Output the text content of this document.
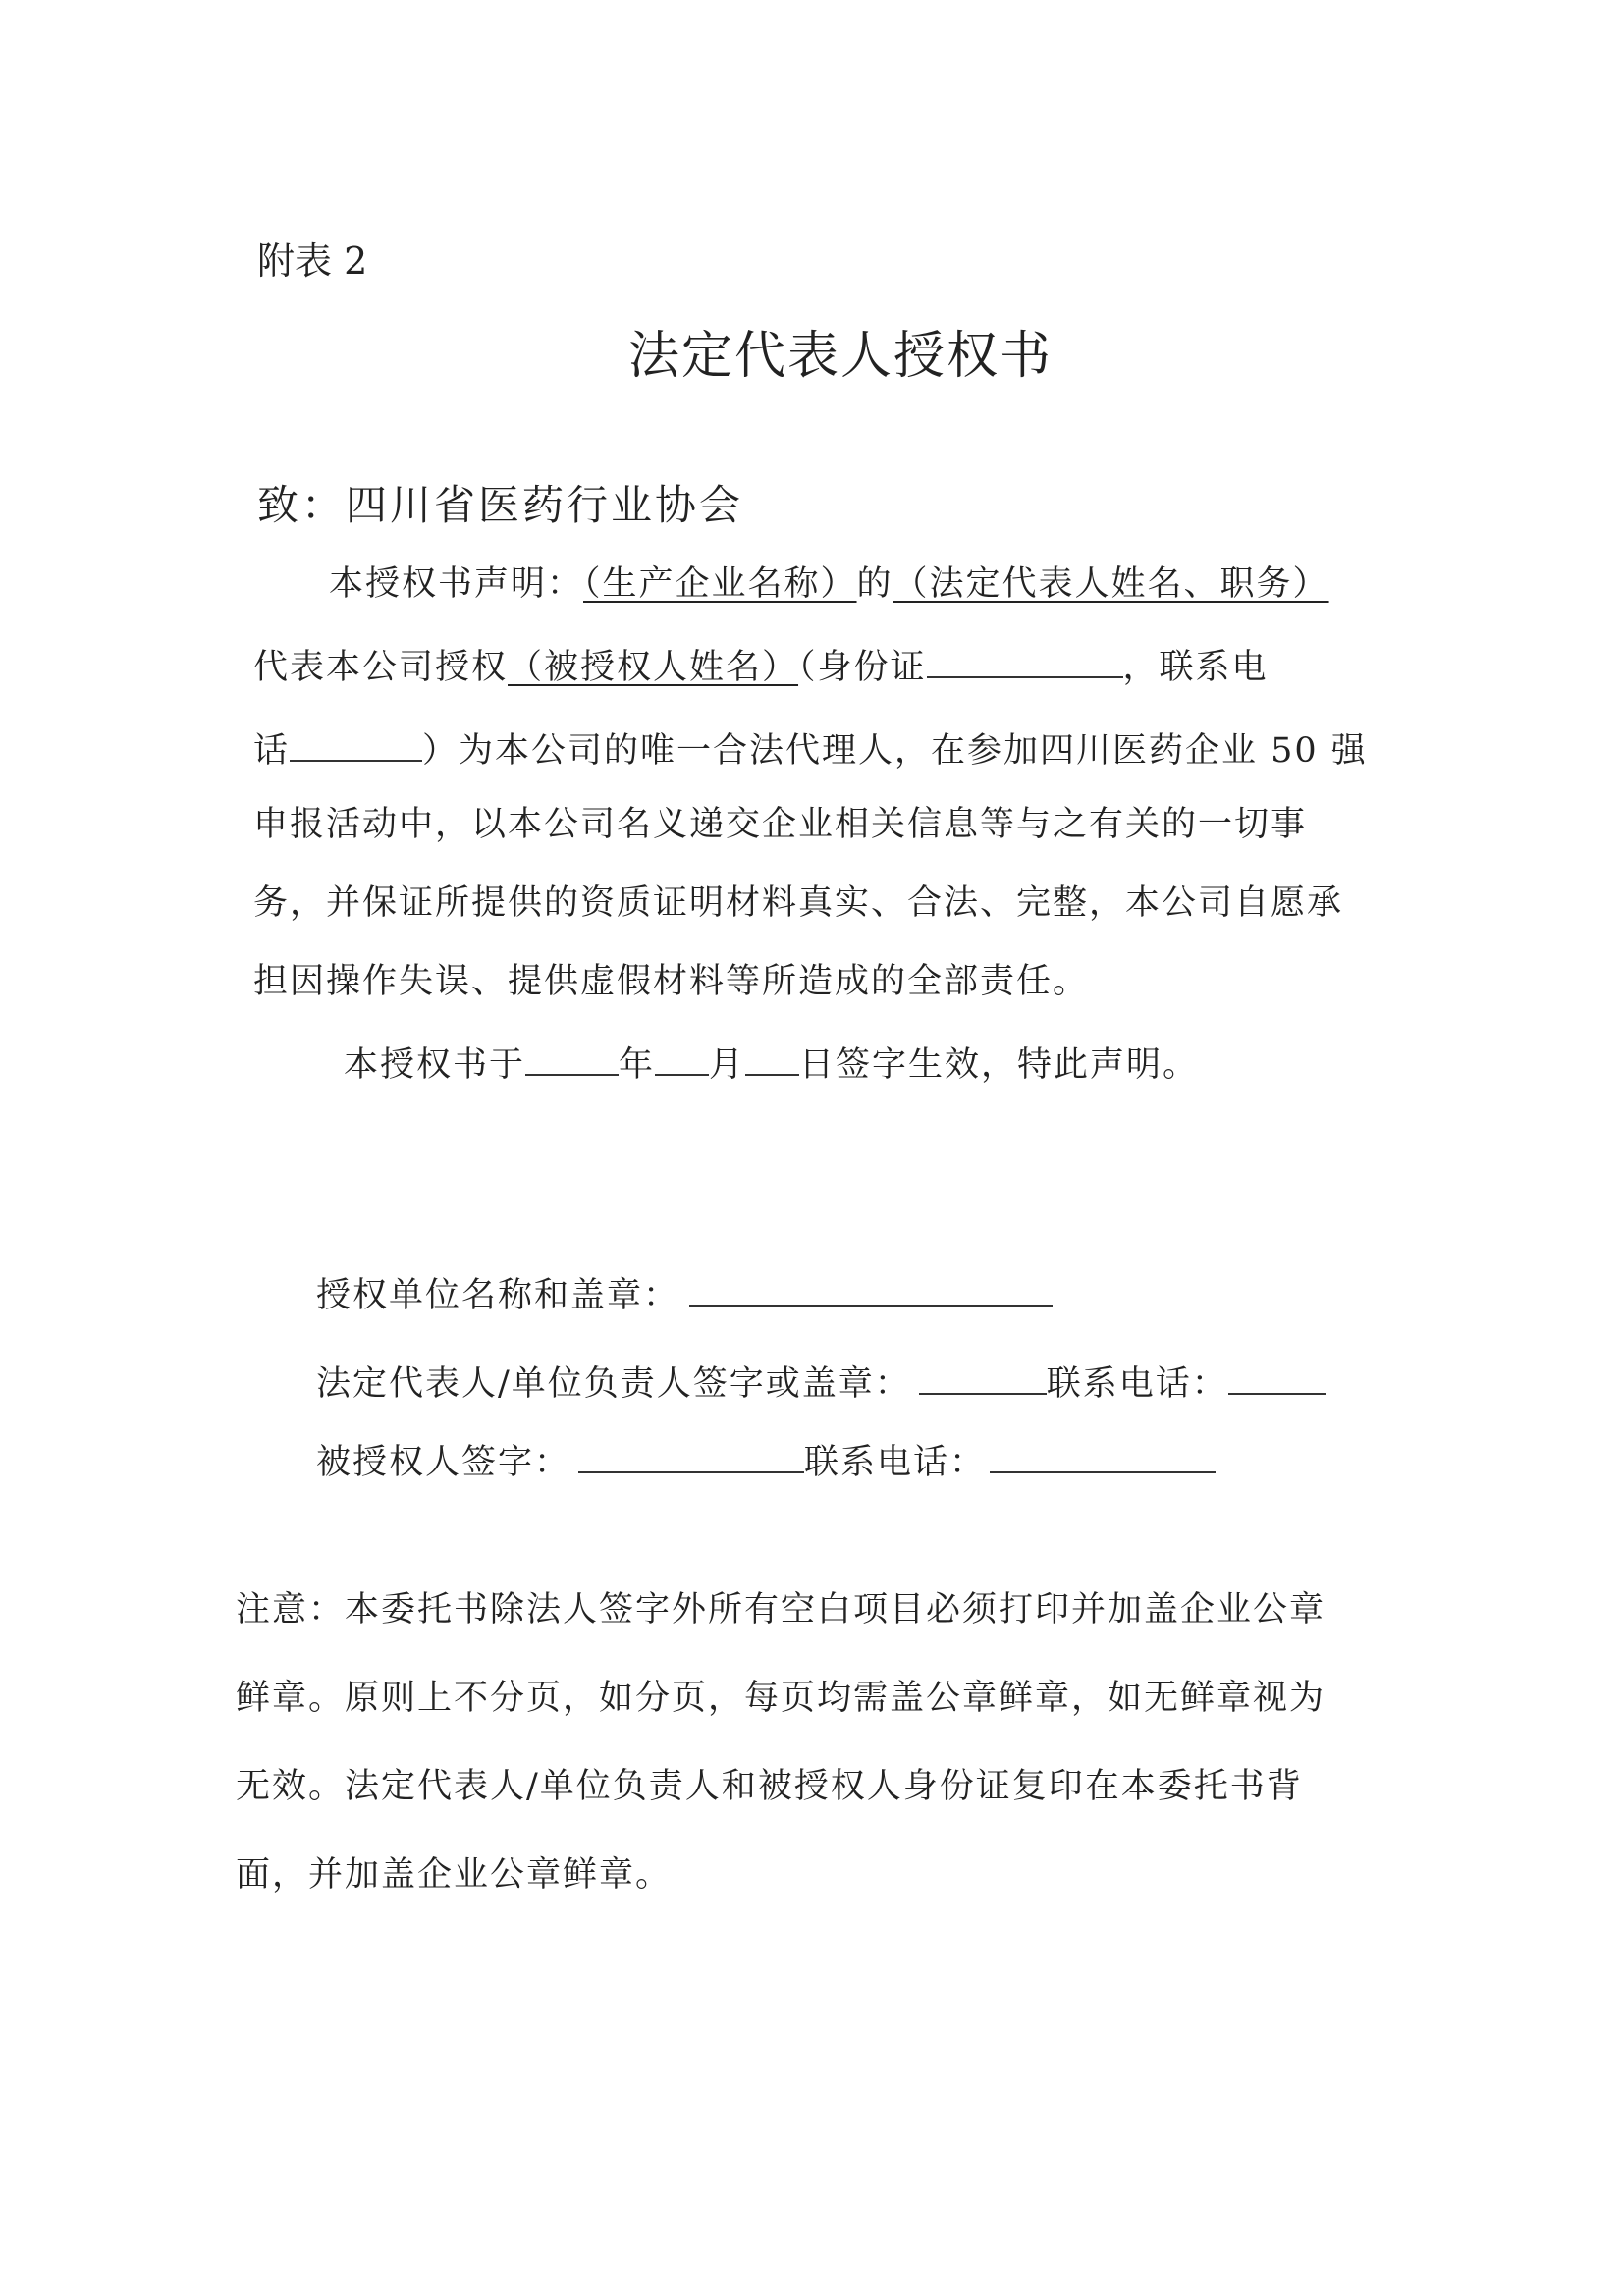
附表 2
法定代表人授权书
致：四川省医药行业协会
本授权书声明：（生产企业名称）的（法定代表人姓名、职务）
代表本公司授权（被授权人姓名）（身份证	，联系电
话	）为本公司的唯一合法代理人，在参加四川医药企业 50 强
申报活动中，以本公司名义递交企业相关信息等与之有关的一切事
务，并保证所提供的资质证明材料真实、合法、完整，本公司自愿承
担因操作失误、提供虚假材料等所造成的全部责任。
本授权书于	年 月 日签字生效，特此声明。
授权单位名称和盖章：
法定代表人/单位负责人签字或盖章：	联系电话：
被授权人签字：	联系电话：
注意：本委托书除法人签字外所有空白项目必须打印并加盖企业公章
鲜章。原则上不分页，如分页，每页均需盖公章鲜章，如无鲜章视为
无效。法定代表人/单位负责人和被授权人身份证复印在本委托书背
面，并加盖企业公章鲜章。
